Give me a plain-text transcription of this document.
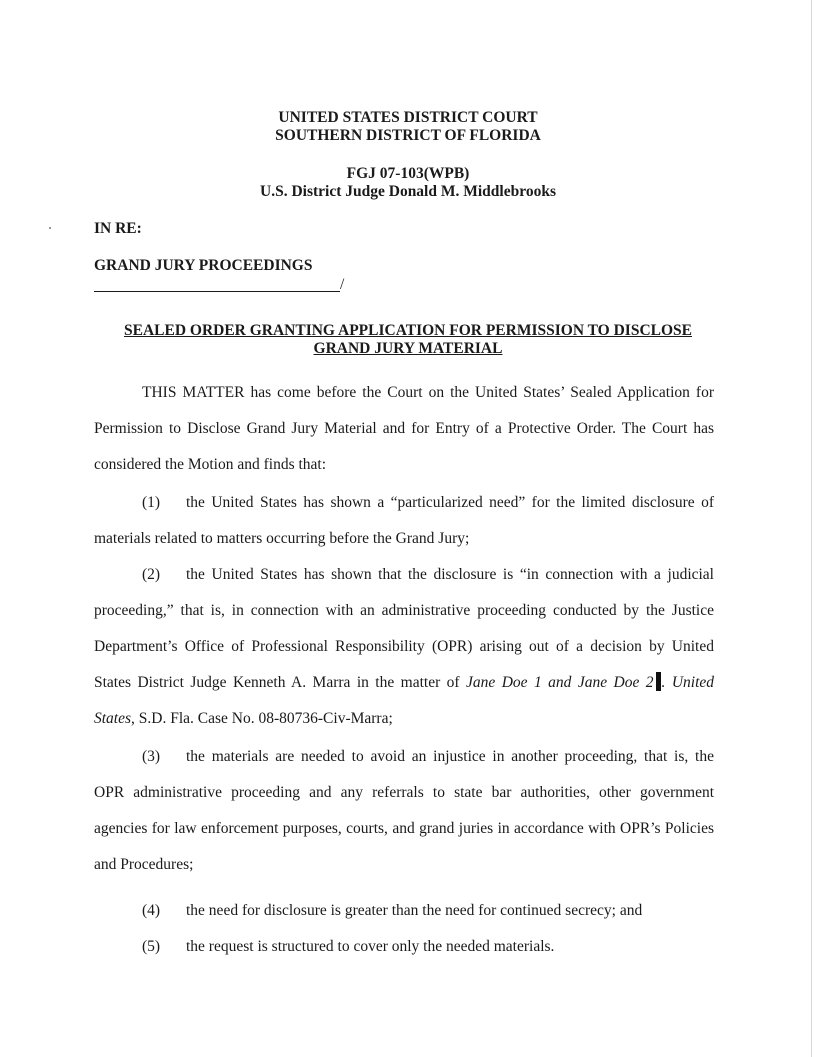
UNITED STATES DISTRICT COURT
SOUTHERN DISTRICT OF FLORIDA
FGJ 07-103(WPB)
U.S. District Judge Donald M. Middlebrooks
IN RE:
GRAND JURY PROCEEDINGS
/
SEALED ORDER GRANTING APPLICATION FOR PERMISSION TO DISCLOSE
GRAND JURY MATERIAL
THIS MATTER has come before the Court on the United States’ Sealed Application for
Permission to Disclose Grand Jury Material and for Entry of a Protective Order. The Court has
considered the Motion and finds that:
(1) the United States has shown a “particularized need” for the limited disclosure of
materials related to matters occurring before the Grand Jury;
(2) the United States has shown that the disclosure is “in connection with a judicial
proceeding,” that is, in connection with an administrative proceeding conducted by the Justice
Department’s Office of Professional Responsibility (OPR) arising out of a decision by United
States District Judge Kenneth A. Marra in the matter of Jane Doe 1 and Jane Doe 2 . United
States, S.D. Fla. Case No. 08-80736-Civ-Marra;
(3) the materials are needed to avoid an injustice in another proceeding, that is, the
OPR administrative proceeding and any referrals to state bar authorities, other government
agencies for law enforcement purposes, courts, and grand juries in accordance with OPR’s Policies
and Procedures;
(4) the need for disclosure is greater than the need for continued secrecy; and
(5) the request is structured to cover only the needed materials.
